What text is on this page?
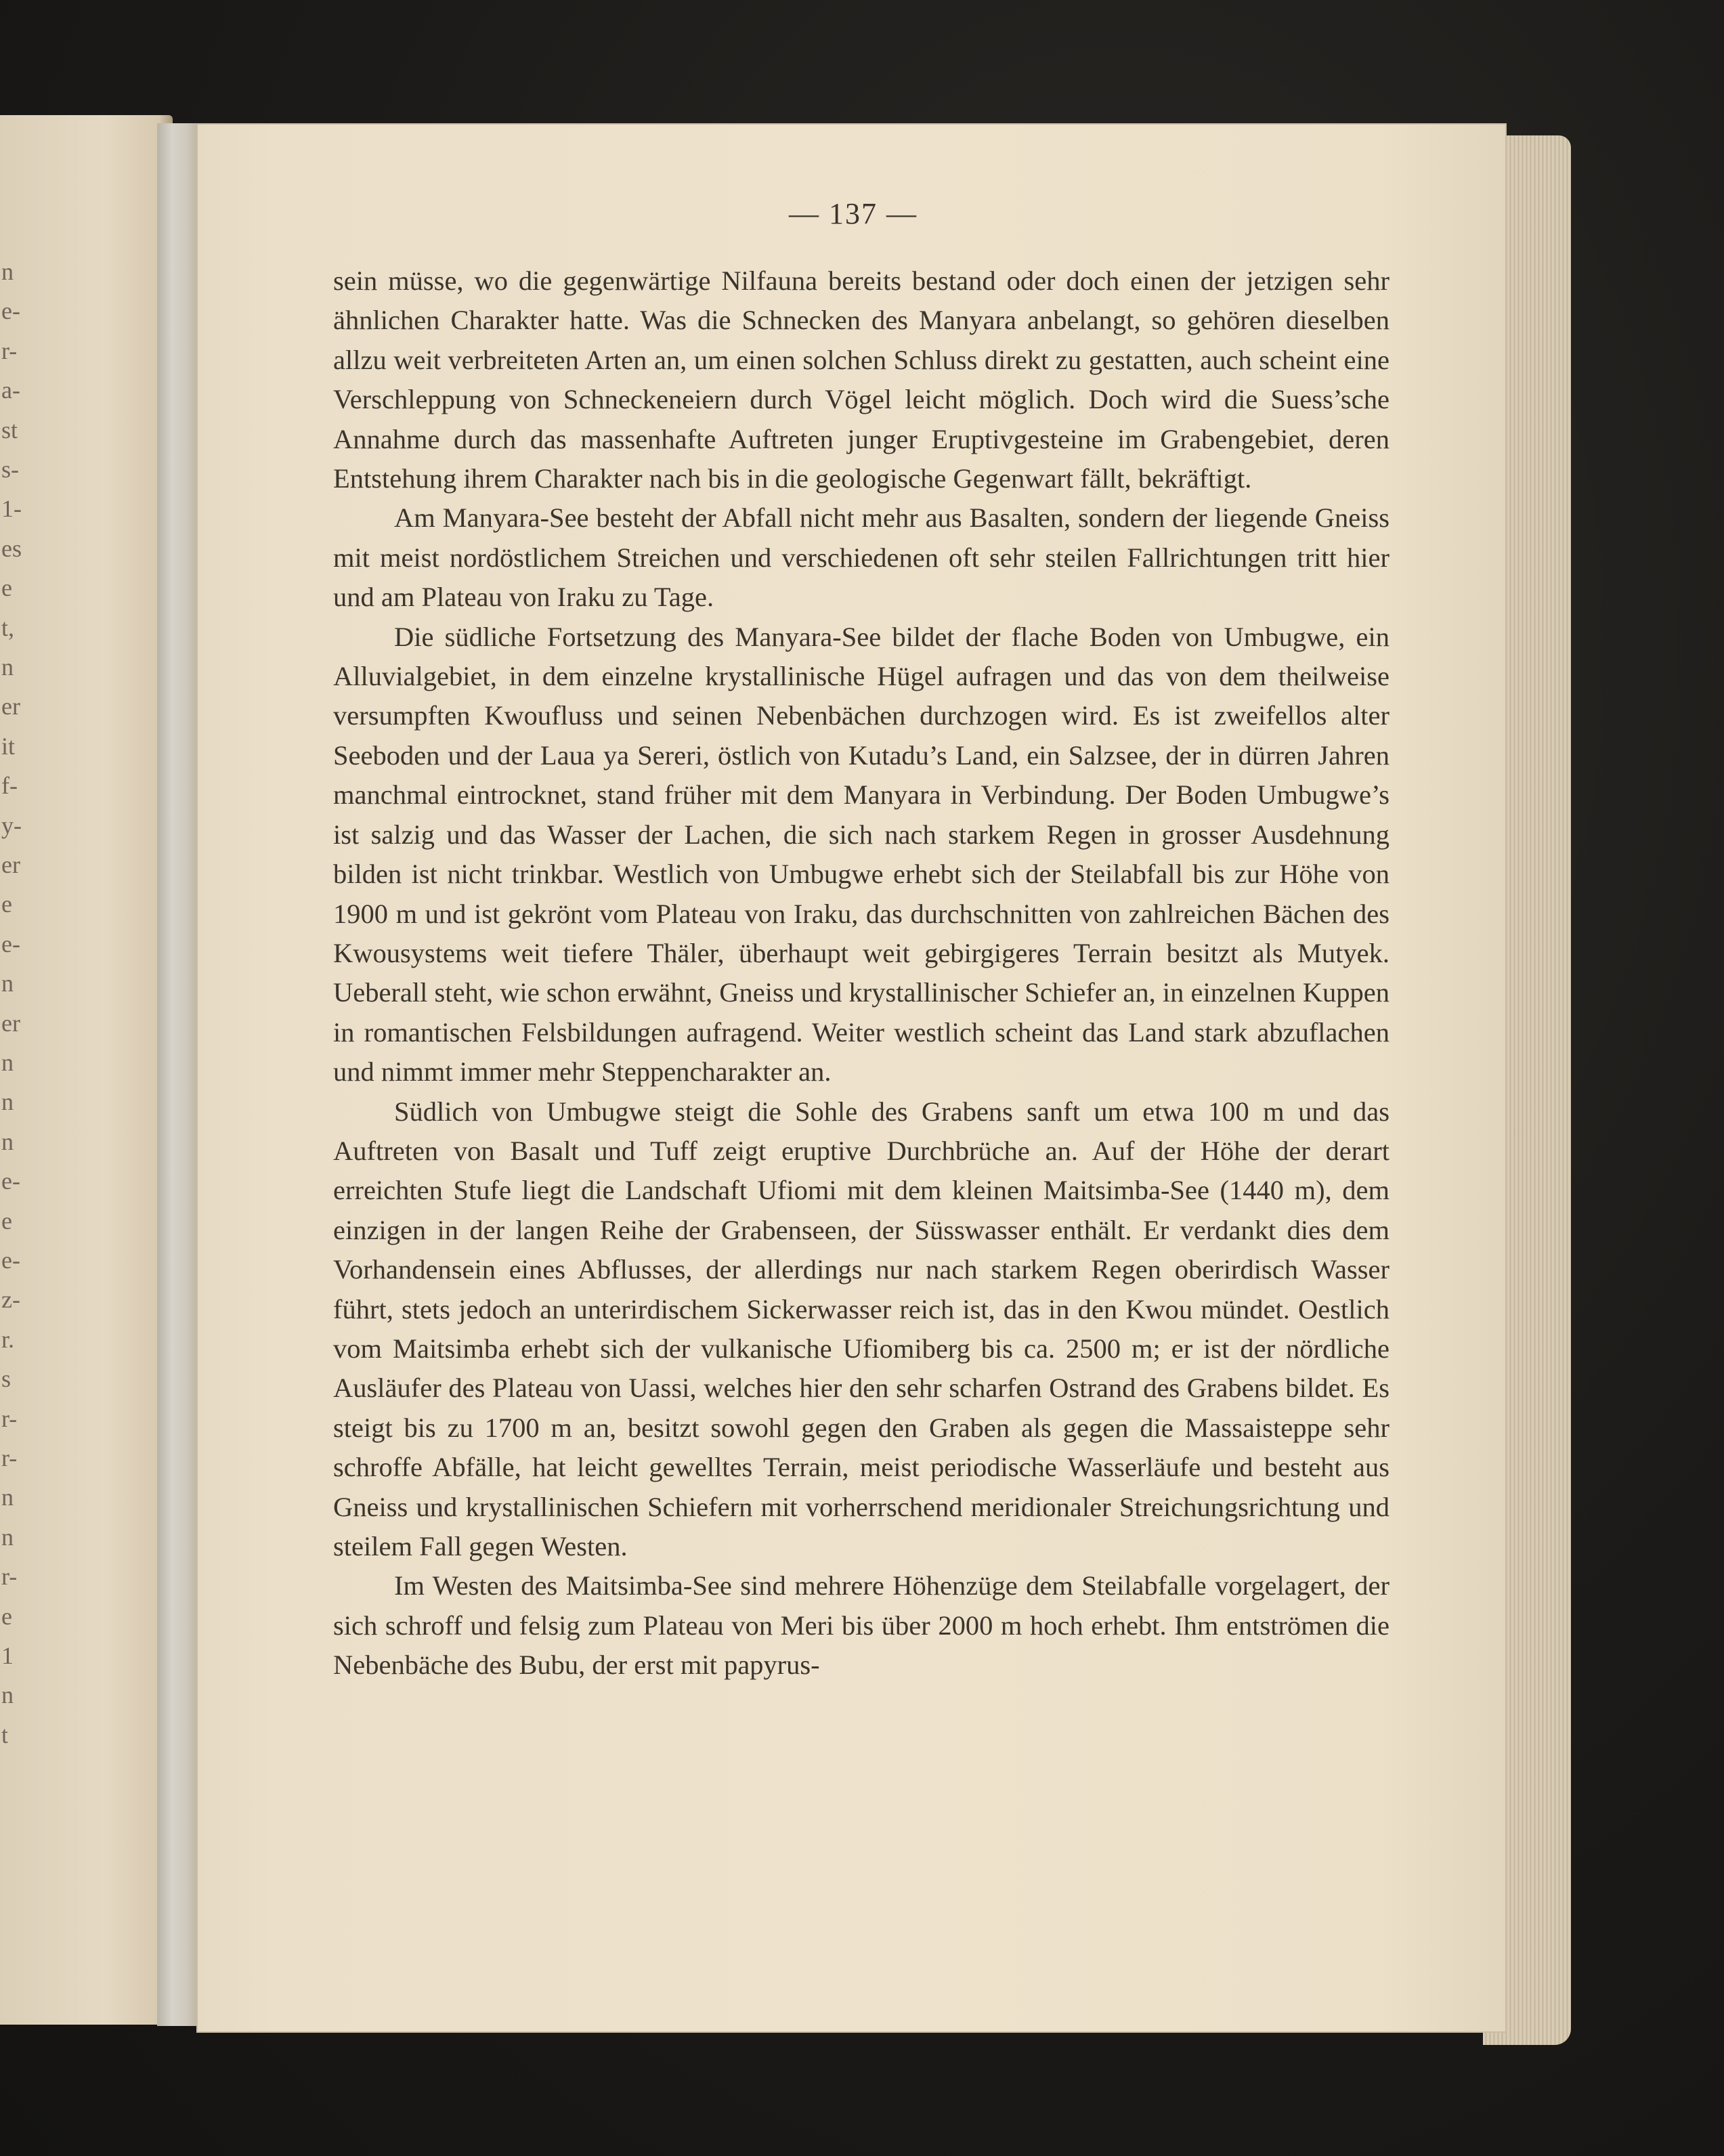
n
e-
r-
a-
st
s-
1-
es
e
t,
n
er
it
f-
y-
er
e
e-
n
er
n
n
n
e-
e
e-
z-
r.
s
r-
r-
n
n
r-
e
1
n
t
— 137 —

sein müsse, wo die gegenwärtige Nilfauna bereits bestand oder doch einen der jetzigen sehr ähnlichen Charakter hatte. Was die Schnecken des Manyara anbelangt, so gehören dieselben allzu weit verbreiteten Arten an, um einen solchen Schluss direkt zu gestatten, auch scheint eine Verschleppung von Schneckeneiern durch Vögel leicht möglich. Doch wird die Suess’sche Annahme durch das massenhafte Auftreten junger Eruptivgesteine im Grabengebiet, deren Entstehung ihrem Charakter nach bis in die geologische Gegenwart fällt, bekräftigt.

Am Manyara-See besteht der Abfall nicht mehr aus Basalten, sondern der liegende Gneiss mit meist nordöstlichem Streichen und verschiedenen oft sehr steilen Fallrichtungen tritt hier und am Plateau von Iraku zu Tage.

Die südliche Fortsetzung des Manyara-See bildet der flache Boden von Umbugwe, ein Alluvialgebiet, in dem einzelne krystallinische Hügel aufragen und das von dem theilweise versumpften Kwoufluss und seinen Nebenbächen durchzogen wird. Es ist zweifellos alter Seeboden und der Laua ya Sereri, östlich von Kutadu’s Land, ein Salzsee, der in dürren Jahren manchmal eintrocknet, stand früher mit dem Manyara in Verbindung. Der Boden Umbugwe’s ist salzig und das Wasser der Lachen, die sich nach starkem Regen in grosser Ausdehnung bilden ist nicht trinkbar. Westlich von Umbugwe erhebt sich der Steilabfall bis zur Höhe von 1900 m und ist gekrönt vom Plateau von Iraku, das durchschnitten von zahlreichen Bächen des Kwousystems weit tiefere Thäler, überhaupt weit gebirgigeres Terrain besitzt als Mutyek. Ueberall steht, wie schon erwähnt, Gneiss und krystallinischer Schiefer an, in einzelnen Kuppen in romantischen Felsbildungen aufragend. Weiter westlich scheint das Land stark abzuflachen und nimmt immer mehr Steppencharakter an.

Südlich von Umbugwe steigt die Sohle des Grabens sanft um etwa 100 m und das Auftreten von Basalt und Tuff zeigt eruptive Durchbrüche an. Auf der Höhe der derart erreichten Stufe liegt die Landschaft Ufiomi mit dem kleinen Maitsimba-See (1440 m), dem einzigen in der langen Reihe der Grabenseen, der Süsswasser enthält. Er verdankt dies dem Vorhandensein eines Abflusses, der allerdings nur nach starkem Regen oberirdisch Wasser führt, stets jedoch an unterirdischem Sickerwasser reich ist, das in den Kwou mündet. Oestlich vom Maitsimba erhebt sich der vulkanische Ufiomiberg bis ca. 2500 m; er ist der nördliche Ausläufer des Plateau von Uassi, welches hier den sehr scharfen Ostrand des Grabens bildet. Es steigt bis zu 1700 m an, besitzt sowohl gegen den Graben als gegen die Massaisteppe sehr schroffe Abfälle, hat leicht gewelltes Terrain, meist periodische Wasserläufe und besteht aus Gneiss und krystallinischen Schiefern mit vorherrschend meridionaler Streichungsrichtung und steilem Fall gegen Westen.

Im Westen des Maitsimba-See sind mehrere Höhenzüge dem Steilabfalle vorgelagert, der sich schroff und felsig zum Plateau von Meri bis über 2000 m hoch erhebt. Ihm entströmen die Nebenbäche des Bubu, der erst mit papyrus-
